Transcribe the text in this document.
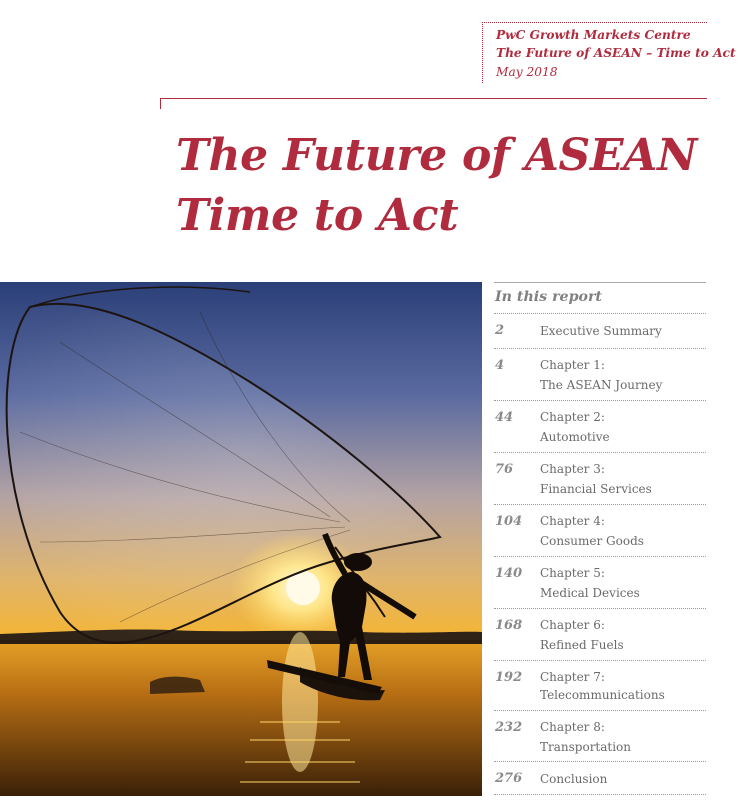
PwC Growth Markets Centre
The Future of ASEAN – Time to Act
May 2018
The Future of ASEAN
Time to Act
In this report
2	Executive Summary
4	Chapter 1:
The ASEAN Journey
44 Chapter 2:
Automotive
76 Chapter 3:
Financial Services
104 Chapter 4:
Consumer Goods
140 Chapter 5:
Medical Devices
168 Chapter 6:
Refined Fuels
192 Chapter 7:
Telecommunications
232 Chapter 8:
Transportation
276 Conclusion
